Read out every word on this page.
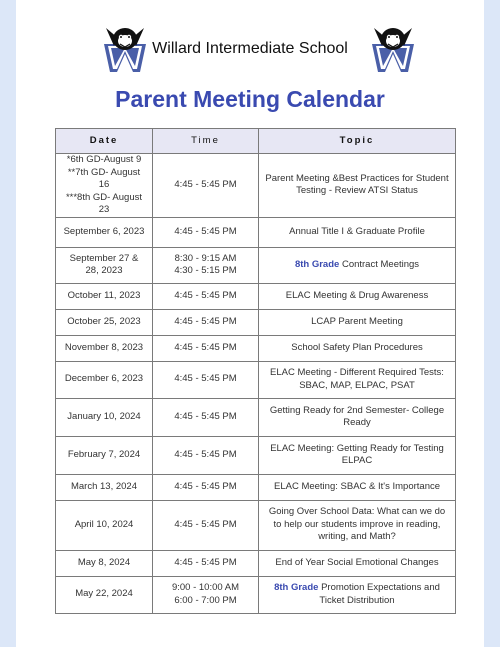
Willard Intermediate School
Parent Meeting Calendar
Date	Time	Topic

*6th GD-August 9
**7th GD- August 16
***8th GD- August 23	4:45 - 5:45 PM	Parent Meeting &Best Practices for Student Testing - Review ATSI Status
September 6, 2023	4:45 - 5:45 PM	Annual Title I & Graduate Profile
September 27 & 28, 2023	8:30 - 9:15 AM
4:30 - 5:15 PM	8th Grade Contract Meetings
October 11, 2023	4:45 - 5:45 PM	ELAC Meeting & Drug Awareness
October 25, 2023	4:45 - 5:45 PM	LCAP Parent Meeting
November 8, 2023	4:45 - 5:45 PM	School Safety Plan Procedures
December 6, 2023	4:45 - 5:45 PM	ELAC Meeting - Different Required Tests: SBAC, MAP, ELPAC, PSAT
January 10, 2024	4:45 - 5:45 PM	Getting Ready for 2nd Semester- College Ready
February 7, 2024	4:45 - 5:45 PM	ELAC Meeting: Getting Ready for Testing ELPAC
March 13, 2024	4:45 - 5:45 PM	ELAC Meeting: SBAC & It's Importance
April 10, 2024	4:45 - 5:45 PM	Going Over School Data: What can we do to help our students improve in reading, writing, and Math?
May 8, 2024	4:45 - 5:45 PM	End of Year Social Emotional Changes
May 22, 2024	9:00 - 10:00 AM
6:00 - 7:00 PM	8th Grade Promotion Expectations and Ticket Distribution
